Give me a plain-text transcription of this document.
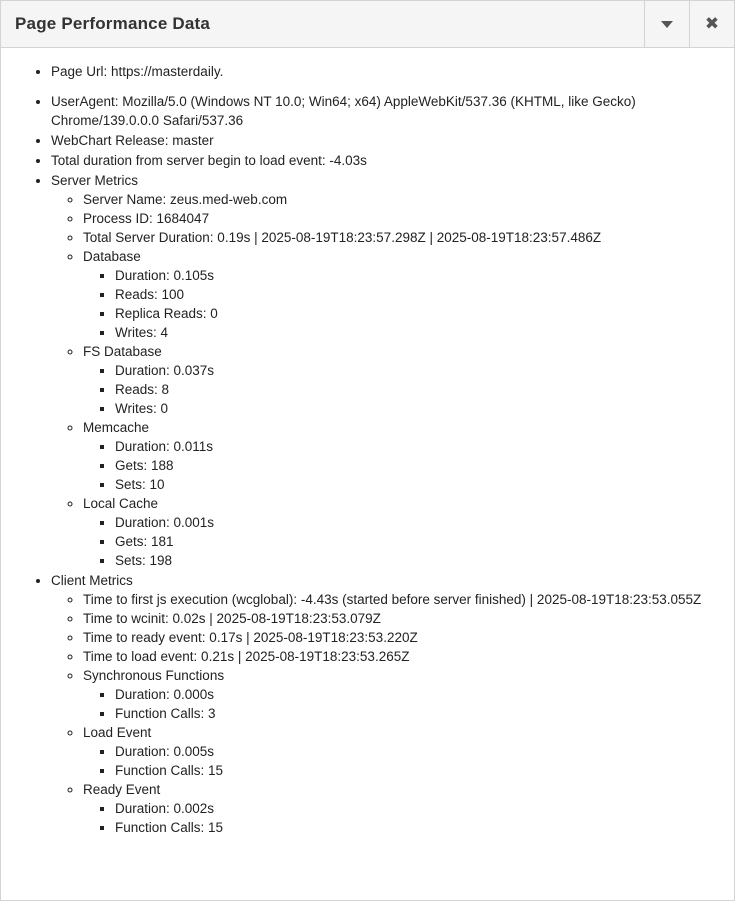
Page Performance Data	✖
• Page Url: https://masterdaily.
• UserAgent: Mozilla/5.0 (Windows NT 10.0; Win64; x64) AppleWebKit/537.36 (KHTML, like Gecko) Chrome/139.0.0.0 Safari/537.36
• WebChart Release: master
• Total duration from server begin to load event: -4.03s
• Server Metrics
◦ Server Name: zeus.med-web.com
◦ Process ID: 1684047
◦ Total Server Duration: 0.19s | 2025-08-19T18:23:57.298Z | 2025-08-19T18:23:57.486Z
◦ Database
▪ Duration: 0.105s
▪ Reads: 100
▪ Replica Reads: 0
▪ Writes: 4
◦ FS Database
▪ Duration: 0.037s
▪ Reads: 8
▪ Writes: 0
◦ Memcache
▪ Duration: 0.011s
▪ Gets: 188
▪ Sets: 10
◦ Local Cache
▪ Duration: 0.001s
▪ Gets: 181
▪ Sets: 198
• Client Metrics
◦ Time to first js execution (wcglobal): -4.43s (started before server finished) | 2025-08-19T18:23:53.055Z
◦ Time to wcinit: 0.02s | 2025-08-19T18:23:53.079Z
◦ Time to ready event: 0.17s | 2025-08-19T18:23:53.220Z
◦ Time to load event: 0.21s | 2025-08-19T18:23:53.265Z
◦ Synchronous Functions
▪ Duration: 0.000s
▪ Function Calls: 3
◦ Load Event
▪ Duration: 0.005s
▪ Function Calls: 15
◦ Ready Event
▪ Duration: 0.002s
▪ Function Calls: 15
